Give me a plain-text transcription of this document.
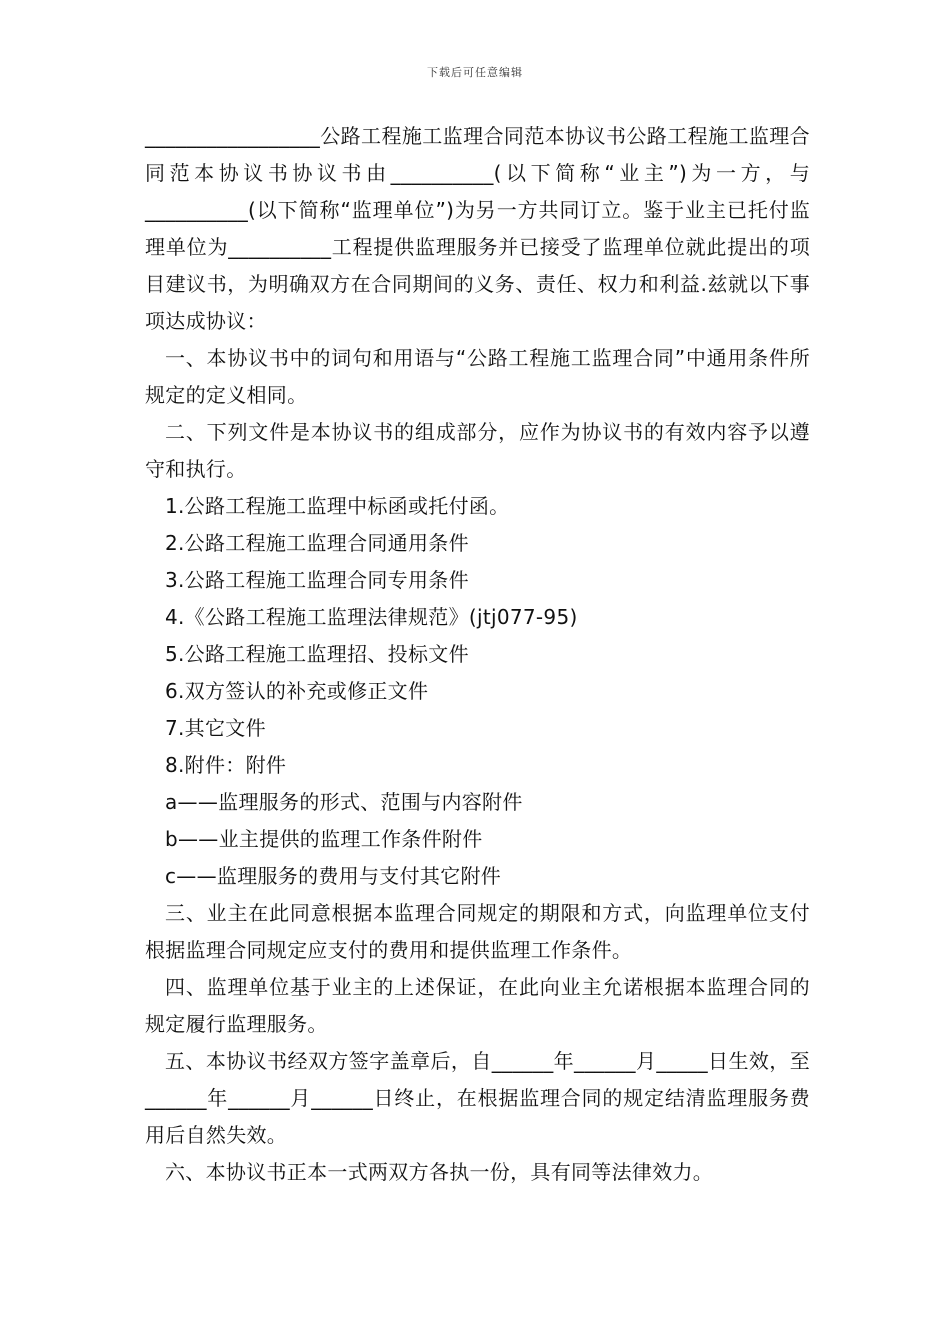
下载后可任意编辑

_________________公路工程施工监理合同范本协议书公路工程施工监理合同范本协议书协议书由__________(以下简称“业主”)为一方，与__________(以下简称“监理单位”)为另一方共同订立。鉴于业主已托付监理单位为__________工程提供监理服务并已接受了监理单位就此提出的项目建议书，为明确双方在合同期间的义务、责任、权力和利益.兹就以下事项达成协议：

一、本协议书中的词句和用语与“公路工程施工监理合同”中通用条件所规定的定义相同。

二、下列文件是本协议书的组成部分，应作为协议书的有效内容予以遵守和执行。

1.公路工程施工监理中标函或托付函。

2.公路工程施工监理合同通用条件

3.公路工程施工监理合同专用条件

4.《公路工程施工监理法律规范》(jtj077-95)

5.公路工程施工监理招、投标文件

6.双方签认的补充或修正文件

7.其它文件

8.附件：附件

a——监理服务的形式、范围与内容附件

b——业主提供的监理工作条件附件

c——监理服务的费用与支付其它附件

三、业主在此同意根据本监理合同规定的期限和方式，向监理单位支付根据监理合同规定应支付的费用和提供监理工作条件。

四、监理单位基于业主的上述保证，在此向业主允诺根据本监理合同的规定履行监理服务。

五、本协议书经双方签字盖章后，自______年______月_____日生效，至______年______月______日终止，在根据监理合同的规定结清监理服务费用后自然失效。

六、本协议书正本一式两双方各执一份，具有同等法律效力。
